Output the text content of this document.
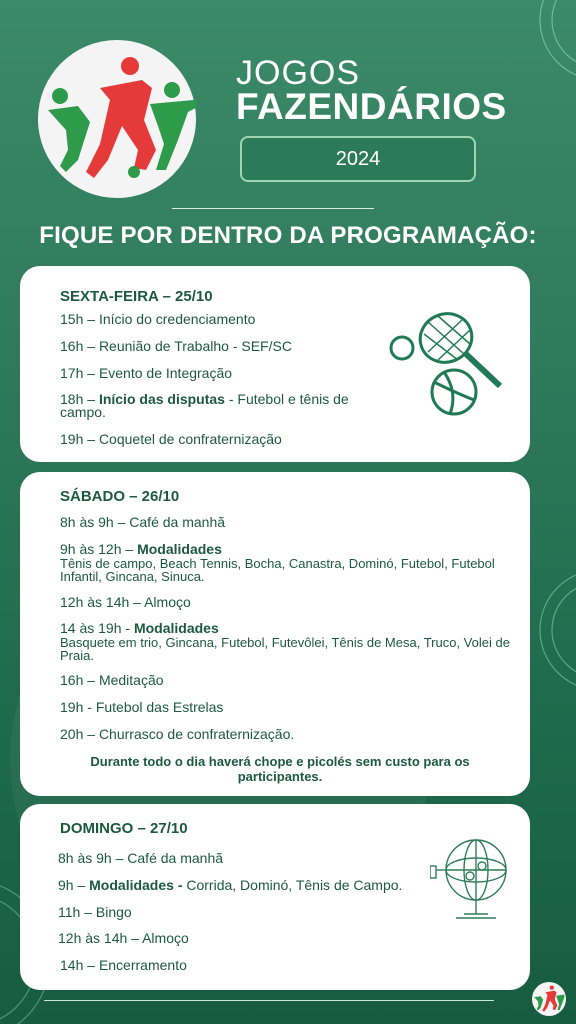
JOGOS
FAZENDÁRIOS
2024
FIQUE POR DENTRO DA PROGRAMAÇÃO:
SEXTA-FEIRA – 25/10
15h – Início do credenciamento
16h – Reunião de Trabalho - SEF/SC
17h – Evento de Integração
18h – Início das disputas - Futebol e tênis de campo.
19h – Coquetel de confraternização
SÁBADO – 26/10
8h às 9h – Café da manhã
9h às 12h – Modalidades
Tênis de campo, Beach Tennis, Bocha, Canastra, Dominó, Futebol, Futebol Infantil, Gincana, Sinuca.
12h às 14h – Almoço
14 às 19h - Modalidades
Basquete em trio, Gincana, Futebol, Futevôlei, Tênis de Mesa, Truco, Volei de Praia.
16h – Meditação
19h - Futebol das Estrelas
20h – Churrasco de confraternização.
Durante todo o dia haverá chope e picolés sem custo para os participantes.
DOMINGO – 27/10
8h às 9h – Café da manhã
9h – Modalidades - Corrida, Dominó, Tênis de Campo.
11h – Bingo
12h às 14h – Almoço
14h – Encerramento
